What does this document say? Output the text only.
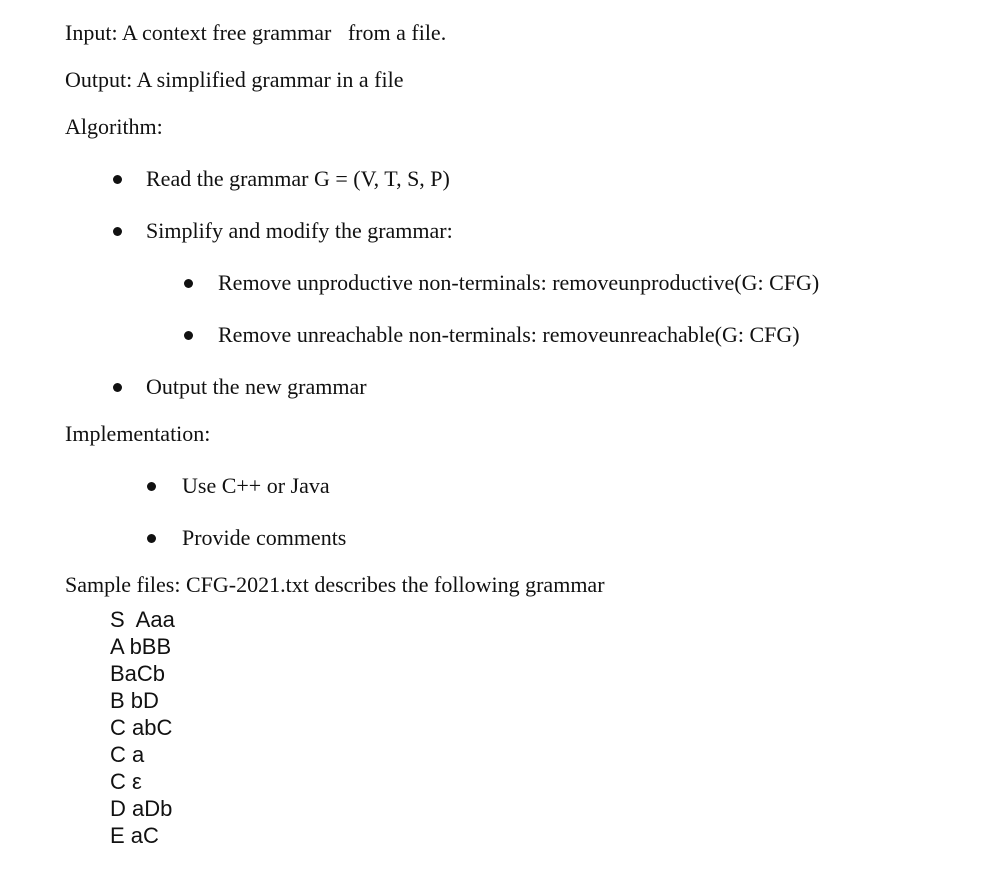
Input: A context free grammar   from a file.
Output: A simplified grammar in a file
Algorithm:
Read the grammar G = (V, T, S, P)
Simplify and modify the grammar:
Remove unproductive non-terminals: removeunproductive(G: CFG)
Remove unreachable non-terminals: removeunreachable(G: CFG)
Output the new grammar
Implementation:
Use C++ or Java
Provide comments
Sample files: CFG-2021.txt describes the following grammar
S  Aaa
A bBB
BaCb
B bD
C abC
C a
C ε
D aDb
E aC
